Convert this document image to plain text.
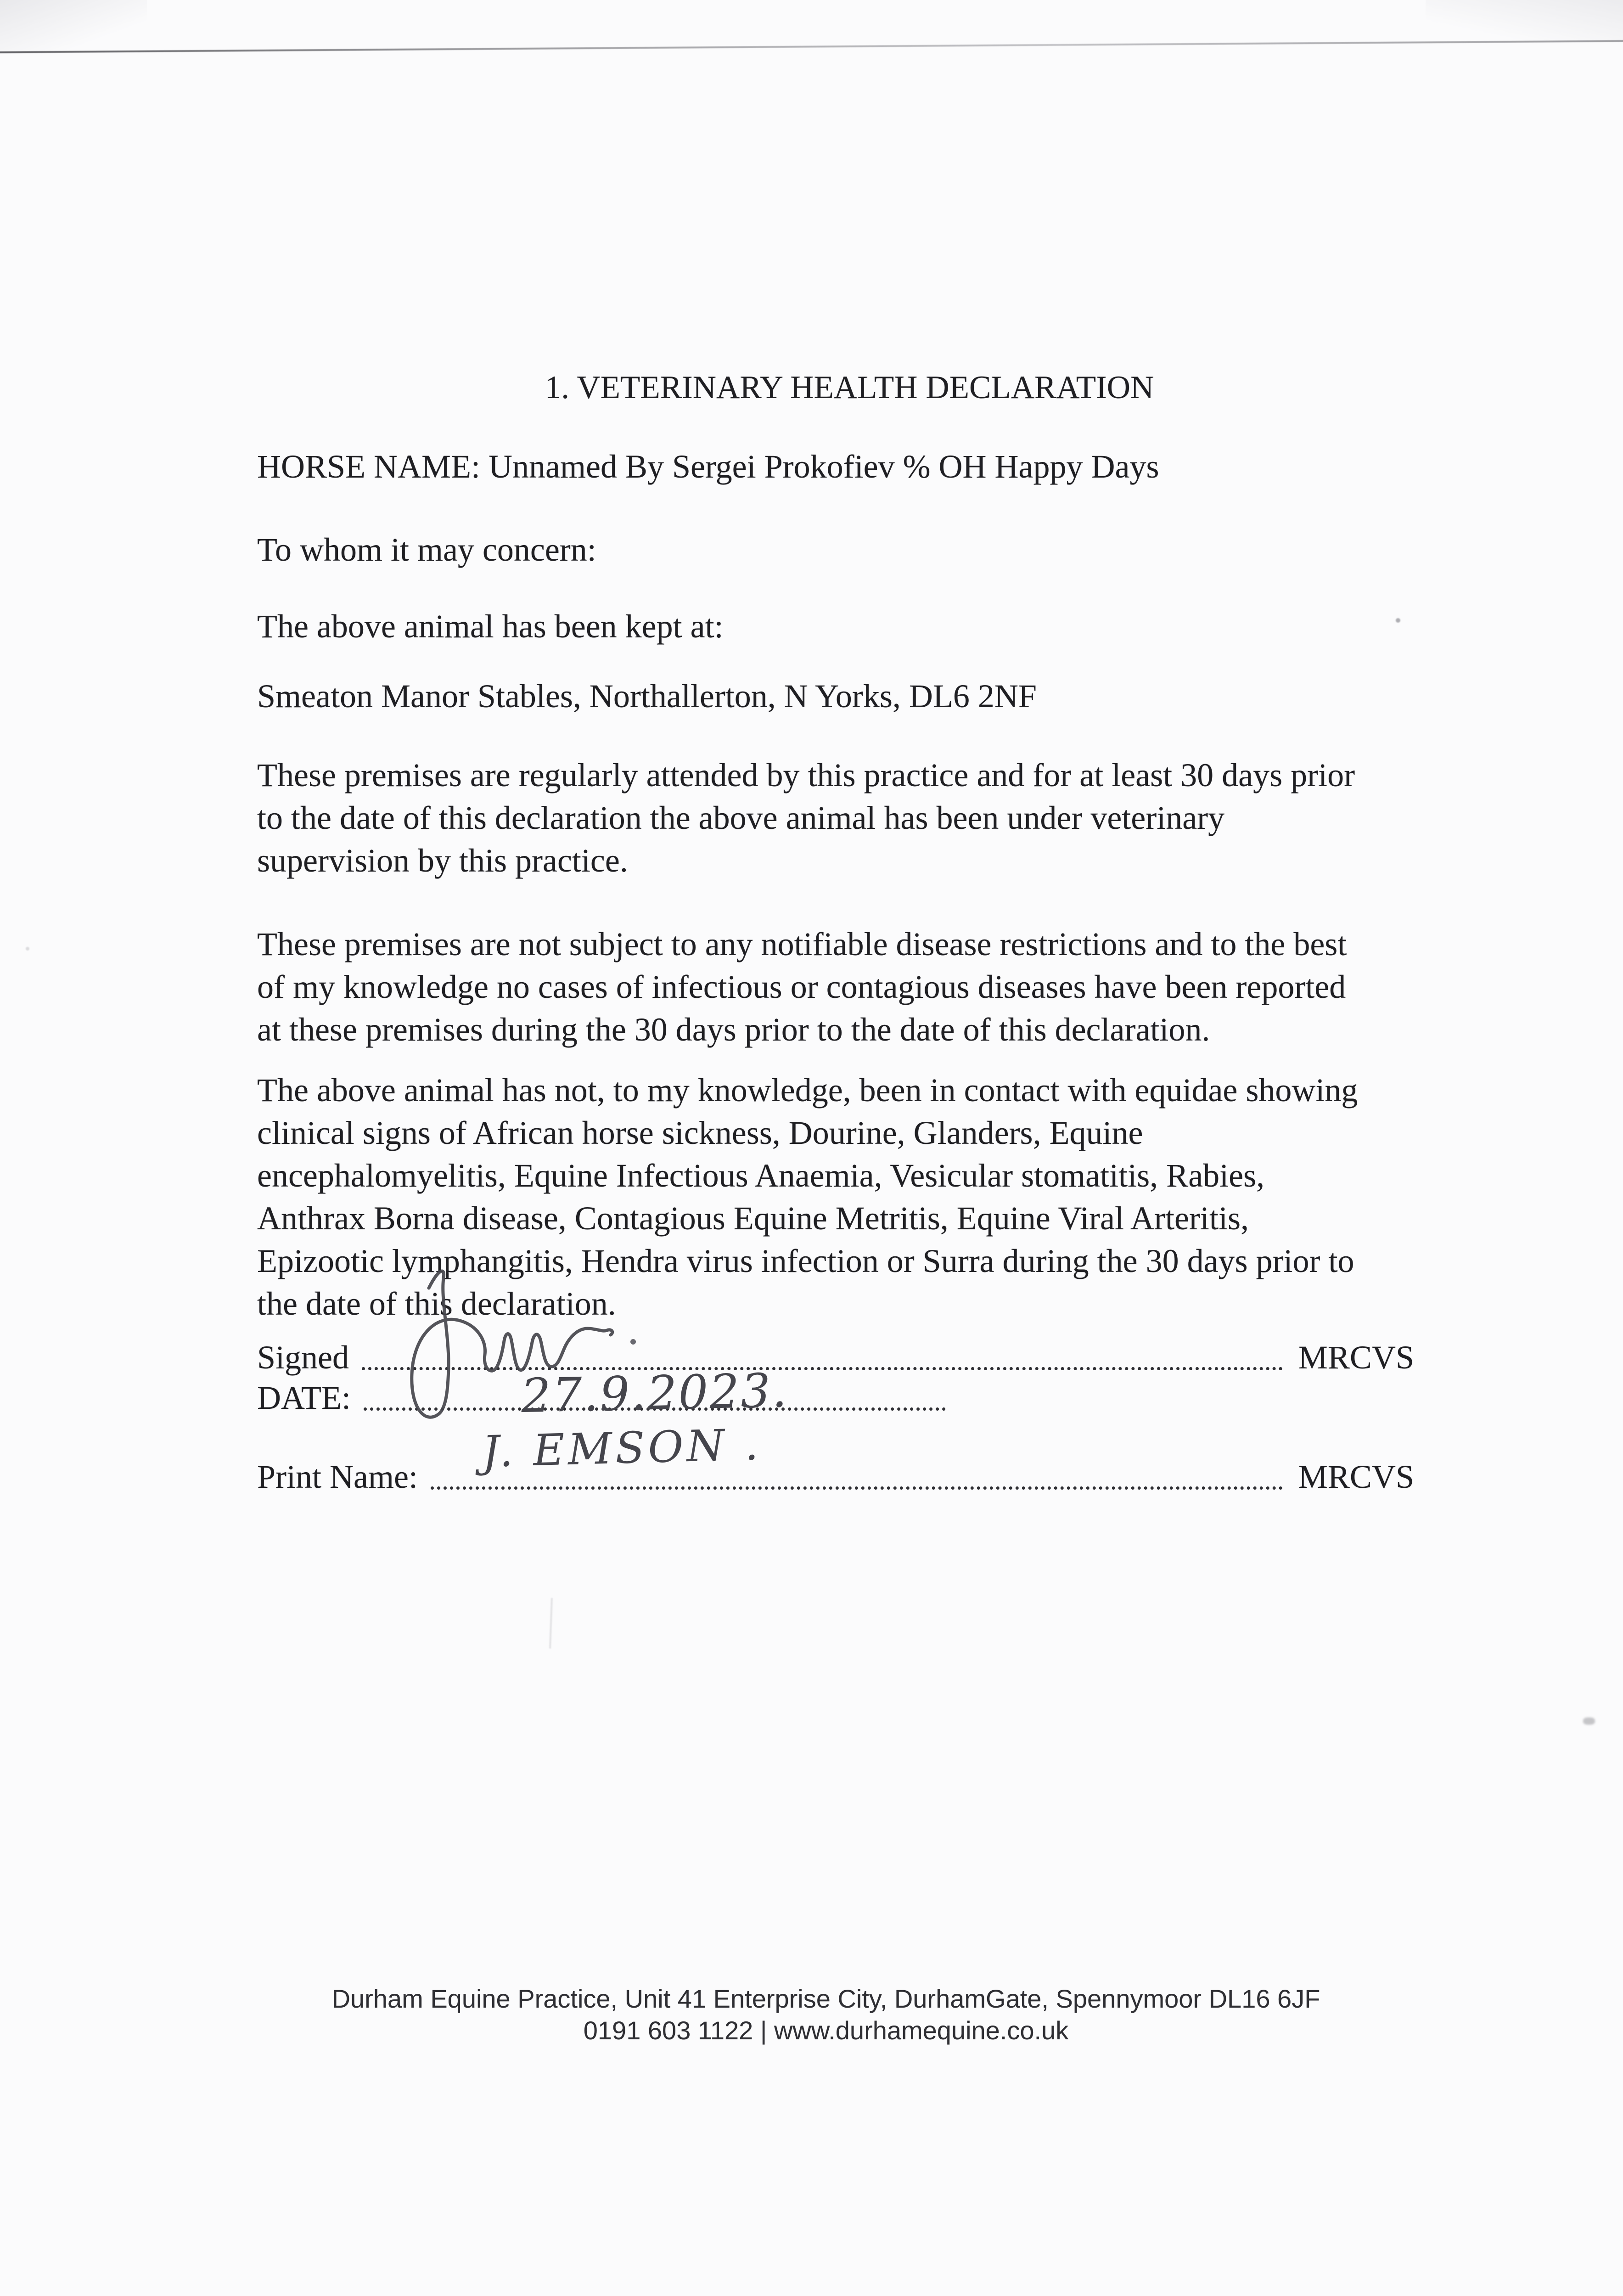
1. VETERINARY HEALTH DECLARATION
HORSE NAME: Unnamed By Sergei Prokofiev % OH Happy Days
To whom it may concern:
The above animal has been kept at:
Smeaton Manor Stables, Northallerton, N Yorks, DL6 2NF
These premises are regularly attended by this practice and for at least 30 days prior
to the date of this declaration the above animal has been under veterinary
supervision by this practice.
These premises are not subject to any notifiable disease restrictions and to the best
of my knowledge no cases of infectious or contagious diseases have been reported
at these premises during the 30 days prior to the date of this declaration.
The above animal has not, to my knowledge, been in contact with equidae showing
clinical signs of African horse sickness, Dourine, Glanders, Equine
encephalomyelitis, Equine Infectious Anaemia, Vesicular stomatitis, Rabies,
Anthrax Borna disease, Contagious Equine Metritis, Equine Viral Arteritis,
Epizootic lymphangitis, Hendra virus infection or Surra during the 30 days prior to
the date of this declaration.
Signed	MRCVS
DATE:
Print Name:	MRCVS
27.9.2023.
J. EMSON .
Durham Equine Practice, Unit 41 Enterprise City, DurhamGate, Spennymoor DL16 6JF
0191 603 1122 | www.durhamequine.co.uk
